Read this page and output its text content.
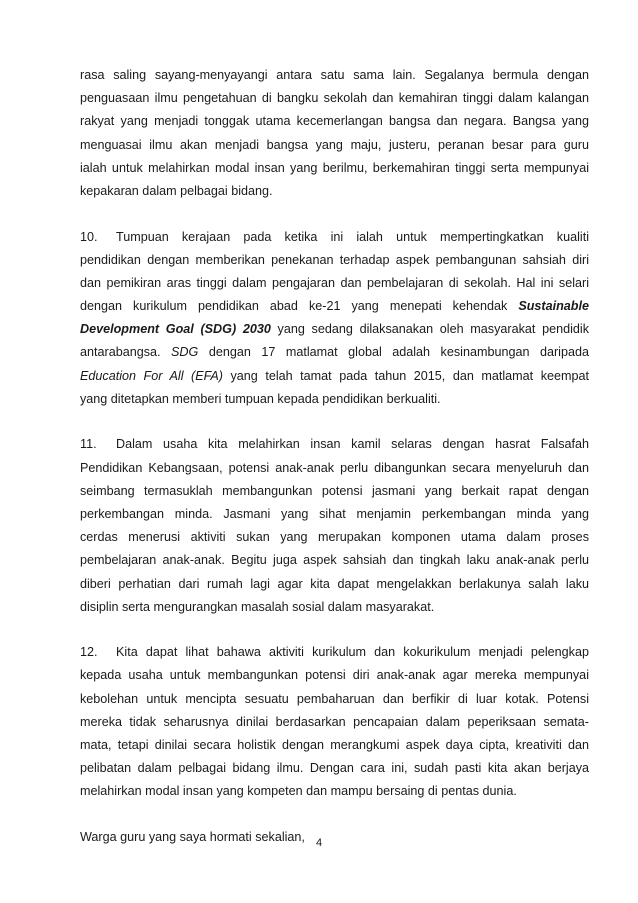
rasa saling sayang-menyayangi antara satu sama lain. Segalanya bermula dengan
penguasaan ilmu pengetahuan di bangku sekolah dan kemahiran tinggi dalam kalangan
rakyat yang menjadi tonggak utama kecemerlangan bangsa dan negara. Bangsa yang
menguasai ilmu akan menjadi bangsa yang maju, justeru, peranan besar para guru
ialah untuk melahirkan modal insan yang berilmu, berkemahiran tinggi serta mempunyai
kepakaran dalam pelbagai bidang.
10. Tumpuan kerajaan pada ketika ini ialah untuk mempertingkatkan kualiti
pendidikan dengan memberikan penekanan terhadap aspek pembangunan sahsiah diri
dan pemikiran aras tinggi dalam pengajaran dan pembelajaran di sekolah. Hal ini selari
dengan kurikulum pendidikan abad ke-21 yang menepati kehendak Sustainable
Development Goal (SDG) 2030 yang sedang dilaksanakan oleh masyarakat pendidik
antarabangsa. SDG dengan 17 matlamat global adalah kesinambungan daripada
Education For All (EFA) yang telah tamat pada tahun 2015, dan matlamat keempat
yang ditetapkan memberi tumpuan kepada pendidikan berkualiti.
11. Dalam usaha kita melahirkan insan kamil selaras dengan hasrat Falsafah
Pendidikan Kebangsaan, potensi anak-anak perlu dibangunkan secara menyeluruh dan
seimbang termasuklah membangunkan potensi jasmani yang berkait rapat dengan
perkembangan minda. Jasmani yang sihat menjamin perkembangan minda yang
cerdas menerusi aktiviti sukan yang merupakan komponen utama dalam proses
pembelajaran anak-anak. Begitu juga aspek sahsiah dan tingkah laku anak-anak perlu
diberi perhatian dari rumah lagi agar kita dapat mengelakkan berlakunya salah laku
disiplin serta mengurangkan masalah sosial dalam masyarakat.
12. Kita dapat lihat bahawa aktiviti kurikulum dan kokurikulum menjadi pelengkap
kepada usaha untuk membangunkan potensi diri anak-anak agar mereka mempunyai
kebolehan untuk mencipta sesuatu pembaharuan dan berfikir di luar kotak. Potensi
mereka tidak seharusnya dinilai berdasarkan pencapaian dalam peperiksaan semata-
mata, tetapi dinilai secara holistik dengan merangkumi aspek daya cipta, kreativiti dan
pelibatan dalam pelbagai bidang ilmu. Dengan cara ini, sudah pasti kita akan berjaya
melahirkan modal insan yang kompeten dan mampu bersaing di pentas dunia.
Warga guru yang saya hormati sekalian,	4
